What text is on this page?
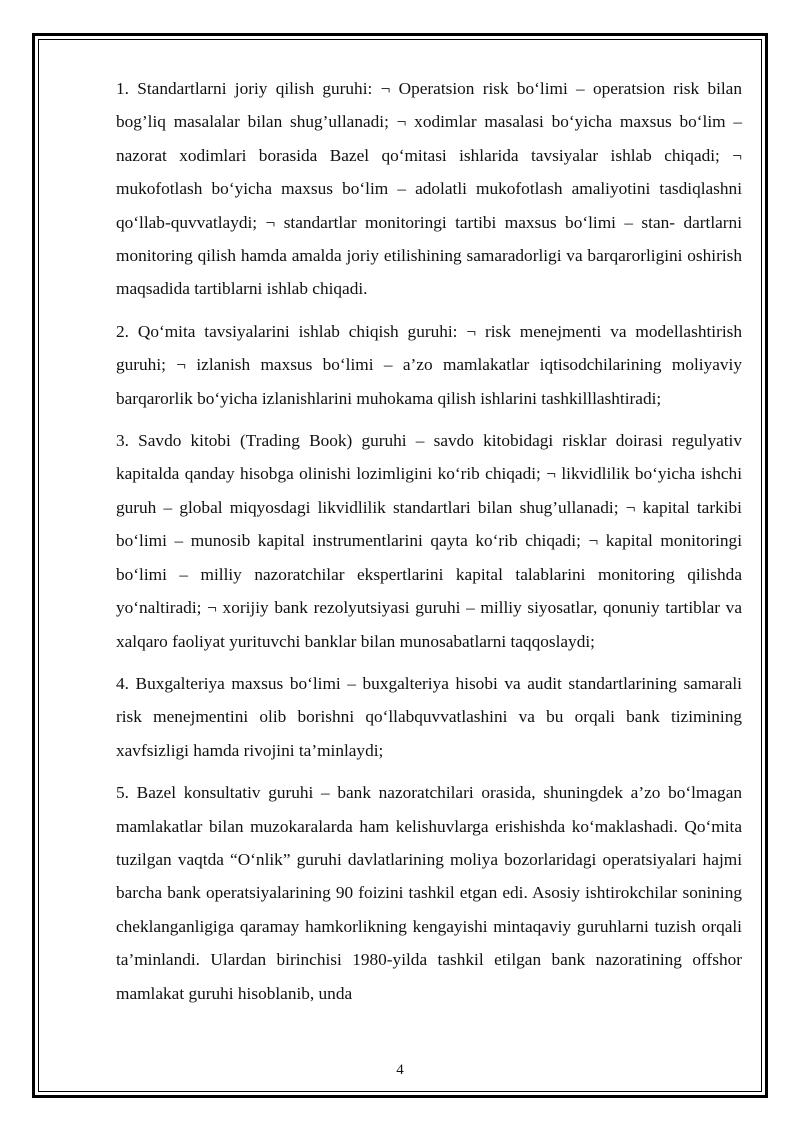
1. Standartlarni joriy qilish guruhi: ¬ Operatsion risk bo‘limi – operatsion risk bilan bog’liq masalalar bilan shug’ullanadi; ¬ xodimlar masalasi bo‘yicha maxsus bo‘lim – nazorat xodimlari borasida Bazel qo‘mitasi ishlarida tavsiyalar ishlab chiqadi; ¬ mukofotlash bo‘yicha maxsus bo‘lim – adolatli mukofotlash amaliyotini tasdiqlashni qo‘llab-quvvatlaydi; ¬ standartlar monitoringi tartibi maxsus bo‘limi – stan- dartlarni monitoring qilish hamda amalda joriy etilishining samaradorligi va barqarorligini oshirish maqsadida tartiblarni ishlab chiqadi.

2. Qo‘mita tavsiyalarini ishlab chiqish guruhi: ¬ risk menejmenti va modellashtirish guruhi; ¬ izlanish maxsus bo‘limi – a’zo mamlakatlar iqtisodchilarining moliyaviy barqarorlik bo‘yicha izlanishlarini muhokama qilish ishlarini tashkilllashtiradi;

3. Savdo kitobi (Trading Book) guruhi – savdo kitobidagi risklar doirasi regulyativ kapitalda qanday hisobga olinishi lozimligini ko‘rib chiqadi; ¬ likvidlilik bo‘yicha ishchi guruh – global miqyosdagi likvidlilik standartlari bilan shug’ullanadi; ¬ kapital tarkibi bo‘limi – munosib kapital instrumentlarini qayta ko‘rib chiqadi; ¬ kapital monitoringi bo‘limi – milliy nazoratchilar ekspertlarini kapital talablarini monitoring qilishda yo‘naltiradi; ¬ xorijiy bank rezolyutsiyasi guruhi – milliy siyosatlar, qonuniy tartiblar va xalqaro faoliyat yurituvchi banklar bilan munosabatlarni taqqoslaydi;

4. Buxgalteriya maxsus bo‘limi – buxgalteriya hisobi va audit standartlarining samarali risk menejmentini olib borishni qo‘llabquvvatlashini va bu orqali bank tizimining xavfsizligi hamda rivojini ta’minlaydi;

5. Bazel konsultativ guruhi – bank nazoratchilari orasida, shuningdek a’zo bo‘lmagan mamlakatlar bilan muzokaralarda ham kelishuvlarga erishishda ko‘maklashadi. Qo‘mita tuzilgan vaqtda “O‘nlik” guruhi davlatlarining moliya bozorlaridagi operatsiyalari hajmi barcha bank operatsiyalarining 90 foizini tashkil etgan edi. Asosiy ishtirokchilar sonining cheklanganligiga qaramay hamkorlikning kengayishi mintaqaviy guruhlarni tuzish orqali ta’minlandi. Ulardan birinchisi 1980-yilda tashkil etilgan bank nazoratining offshor mamlakat guruhi hisoblanib, unda

4
